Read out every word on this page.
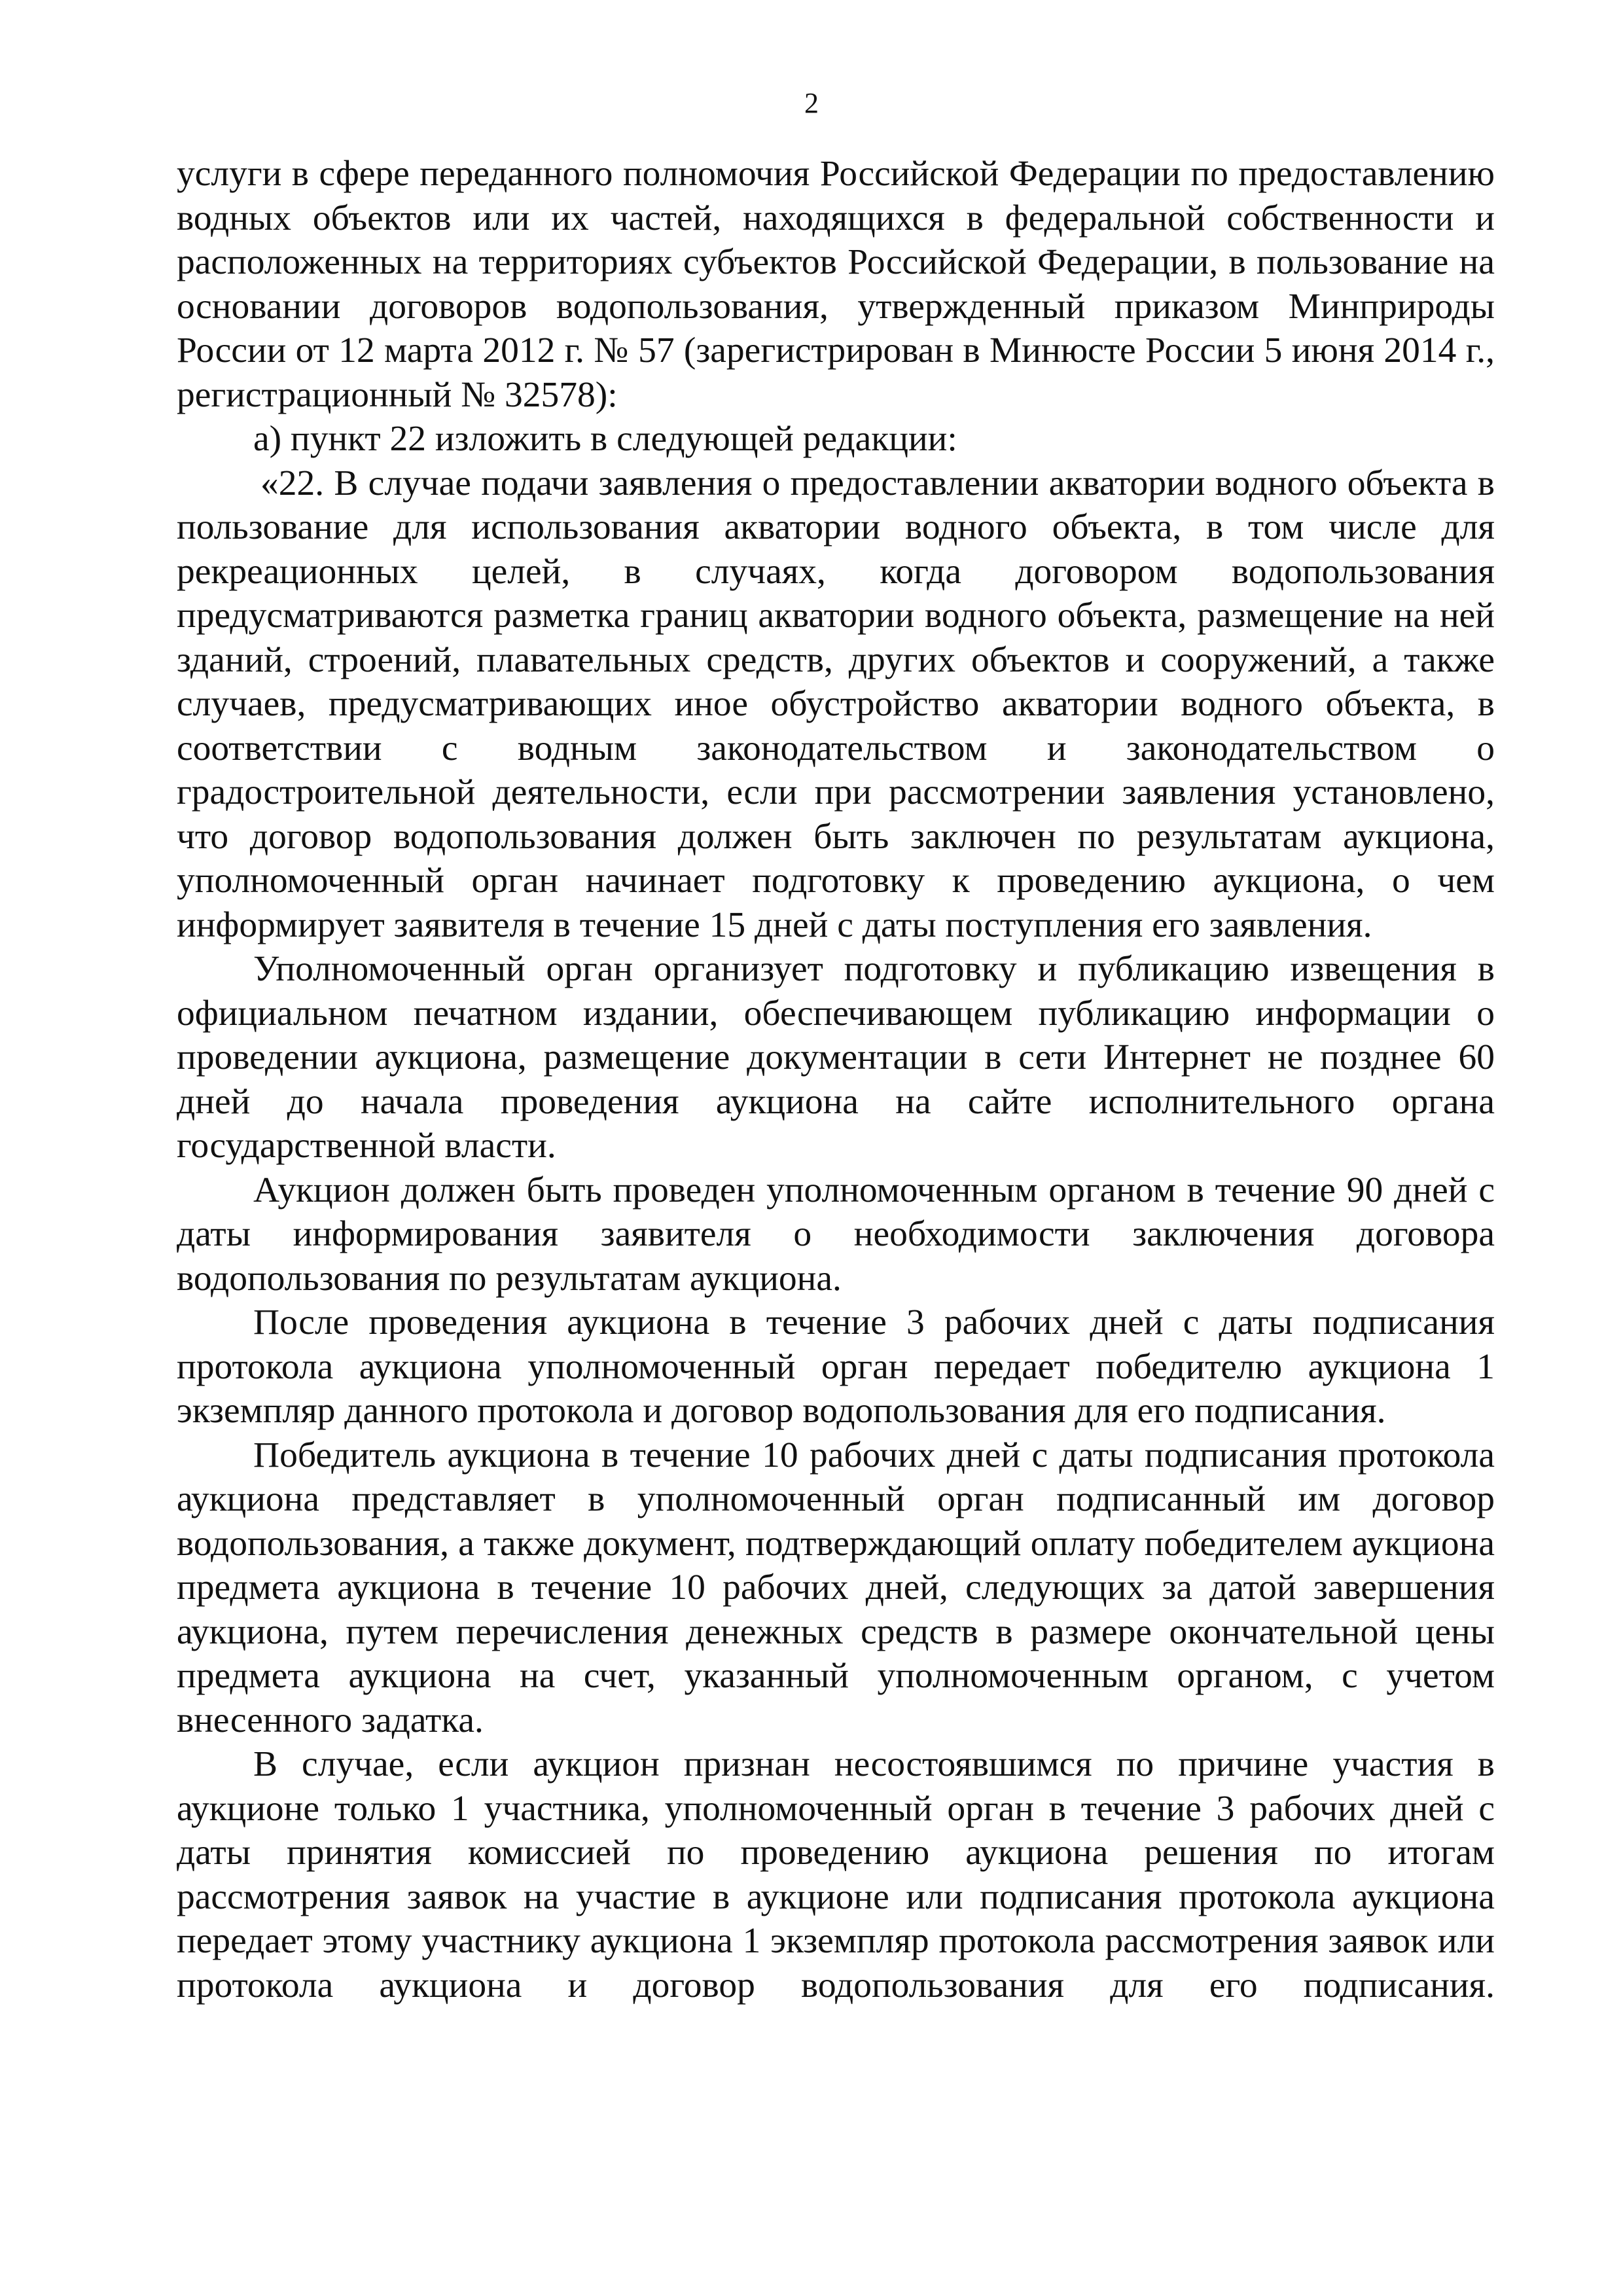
2

услуги в сфере переданного полномочия Российской Федерации по предоставлению водных объектов или их частей, находящихся в федеральной собственности и расположенных на территориях субъектов Российской Федерации, в пользование на основании договоров водопользования, утвержденный приказом Минприроды России от 12 марта 2012 г. № 57 (зарегистрирован в Минюсте России 5 июня 2014 г., регистрационный № 32578):

а) пункт 22 изложить в следующей редакции:

«22. В случае подачи заявления о предоставлении акватории водного объекта в пользование для использования акватории водного объекта, в том числе для рекреационных целей, в случаях, когда договором водопользования предусматриваются разметка границ акватории водного объекта, размещение на ней зданий, строений, плавательных средств, других объектов и сооружений, а также случаев, предусматривающих иное обустройство акватории водного объекта, в соответствии с водным законодательством и законодательством о градостроительной деятельности, если при рассмотрении заявления установлено, что договор водопользования должен быть заключен по результатам аукциона, уполномоченный орган начинает подготовку к проведению аукциона, о чем информирует заявителя в течение 15 дней с даты поступления его заявления.

Уполномоченный орган организует подготовку и публикацию извещения в официальном печатном издании, обеспечивающем публикацию информации о проведении аукциона, размещение документации в сети Интернет не позднее 60 дней до начала проведения аукциона на сайте исполнительного органа государственной власти.

Аукцион должен быть проведен уполномоченным органом в течение 90 дней с даты информирования заявителя о необходимости заключения договора водопользования по результатам аукциона.

После проведения аукциона в течение 3 рабочих дней с даты подписания протокола аукциона уполномоченный орган передает победителю аукциона 1 экземпляр данного протокола и договор водопользования для его подписания.

Победитель аукциона в течение 10 рабочих дней с даты подписания протокола аукциона представляет в уполномоченный орган подписанный им договор водопользования, а также документ, подтверждающий оплату победителем аукциона предмета аукциона в течение 10 рабочих дней, следующих за датой завершения аукциона, путем перечисления денежных средств в размере окончательной цены предмета аукциона на счет, указанный уполномоченным органом, с учетом внесенного задатка.

В случае, если аукцион признан несостоявшимся по причине участия в аукционе только 1 участника, уполномоченный орган в течение 3 рабочих дней с даты принятия комиссией по проведению аукциона решения по итогам рассмотрения заявок на участие в аукционе или подписания протокола аукциона передает этому участнику аукциона 1 экземпляр протокола рассмотрения заявок или протокола аукциона и договор водопользования для его подписания.
